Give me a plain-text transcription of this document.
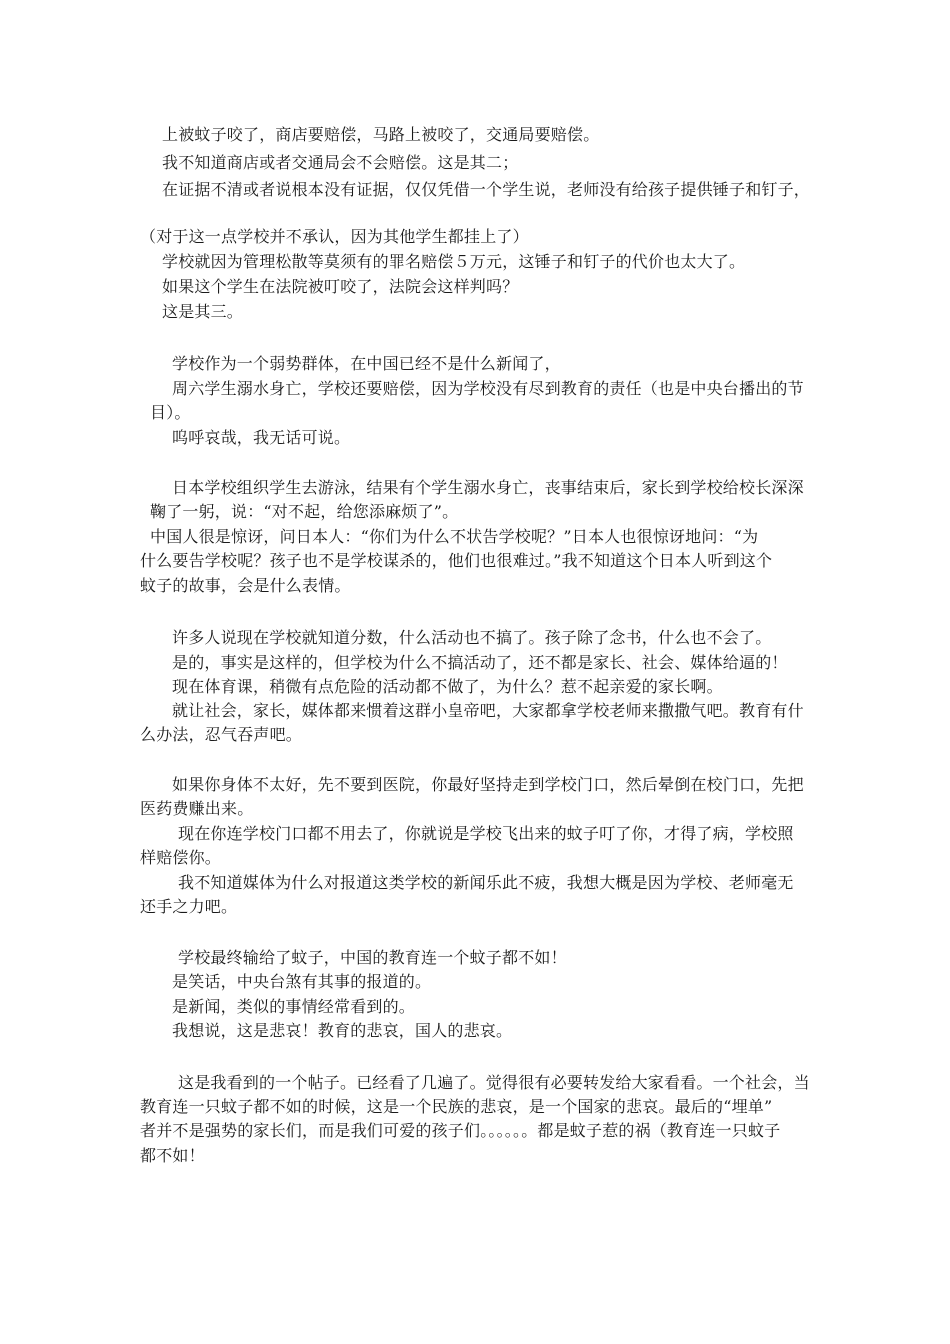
上被蚊子咬了，商店要赔偿，马路上被咬了，交通局要赔偿。
我不知道商店或者交通局会不会赔偿。这是其二；
在证据不清或者说根本没有证据，仅仅凭借一个学生说，老师没有给孩子提供锤子和钉子，
（对于这一点学校并不承认，因为其他学生都挂上了）
学校就因为管理松散等莫须有的罪名赔偿５万元，这锤子和钉子的代价也太大了。
如果这个学生在法院被叮咬了，法院会这样判吗？
这是其三。
学校作为一个弱势群体，在中国已经不是什么新闻了，
周六学生溺水身亡，学校还要赔偿，因为学校没有尽到教育的责任（也是中央台播出的节
目）。
呜呼哀哉，我无话可说。
日本学校组织学生去游泳，结果有个学生溺水身亡，丧事结束后，家长到学校给校长深深
鞠了一躬，说：“对不起，给您添麻烦了”。
中国人很是惊讶，问日本人：“你们为什么不状告学校呢？”日本人也很惊讶地问：“为
什么要告学校呢？孩子也不是学校谋杀的，他们也很难过。”我不知道这个日本人听到这个
蚊子的故事，会是什么表情。
许多人说现在学校就知道分数，什么活动也不搞了。孩子除了念书，什么也不会了。
是的，事实是这样的，但学校为什么不搞活动了，还不都是家长、社会、媒体给逼的！
现在体育课，稍微有点危险的活动都不做了，为什么？惹不起亲爱的家长啊。
就让社会，家长，媒体都来惯着这群小皇帝吧，大家都拿学校老师来撒撒气吧。教育有什
么办法，忍气吞声吧。
如果你身体不太好，先不要到医院，你最好坚持走到学校门口，然后晕倒在校门口，先把
医药费赚出来。
现在你连学校门口都不用去了，你就说是学校飞出来的蚊子叮了你，才得了病，学校照
样赔偿你。
我不知道媒体为什么对报道这类学校的新闻乐此不疲，我想大概是因为学校、老师毫无
还手之力吧。
学校最终输给了蚊子，中国的教育连一个蚊子都不如！
是笑话，中央台煞有其事的报道的。
是新闻，类似的事情经常看到的。
我想说，这是悲哀！教育的悲哀，国人的悲哀。
这是我看到的一个帖子。已经看了几遍了。觉得很有必要转发给大家看看。一个社会，当
教育连一只蚊子都不如的时候，这是一个民族的悲哀，是一个国家的悲哀。最后的“埋单”
者并不是强势的家长们，而是我们可爱的孩子们。。。。。。都是蚊子惹的祸（教育连一只蚊子
都不如！
